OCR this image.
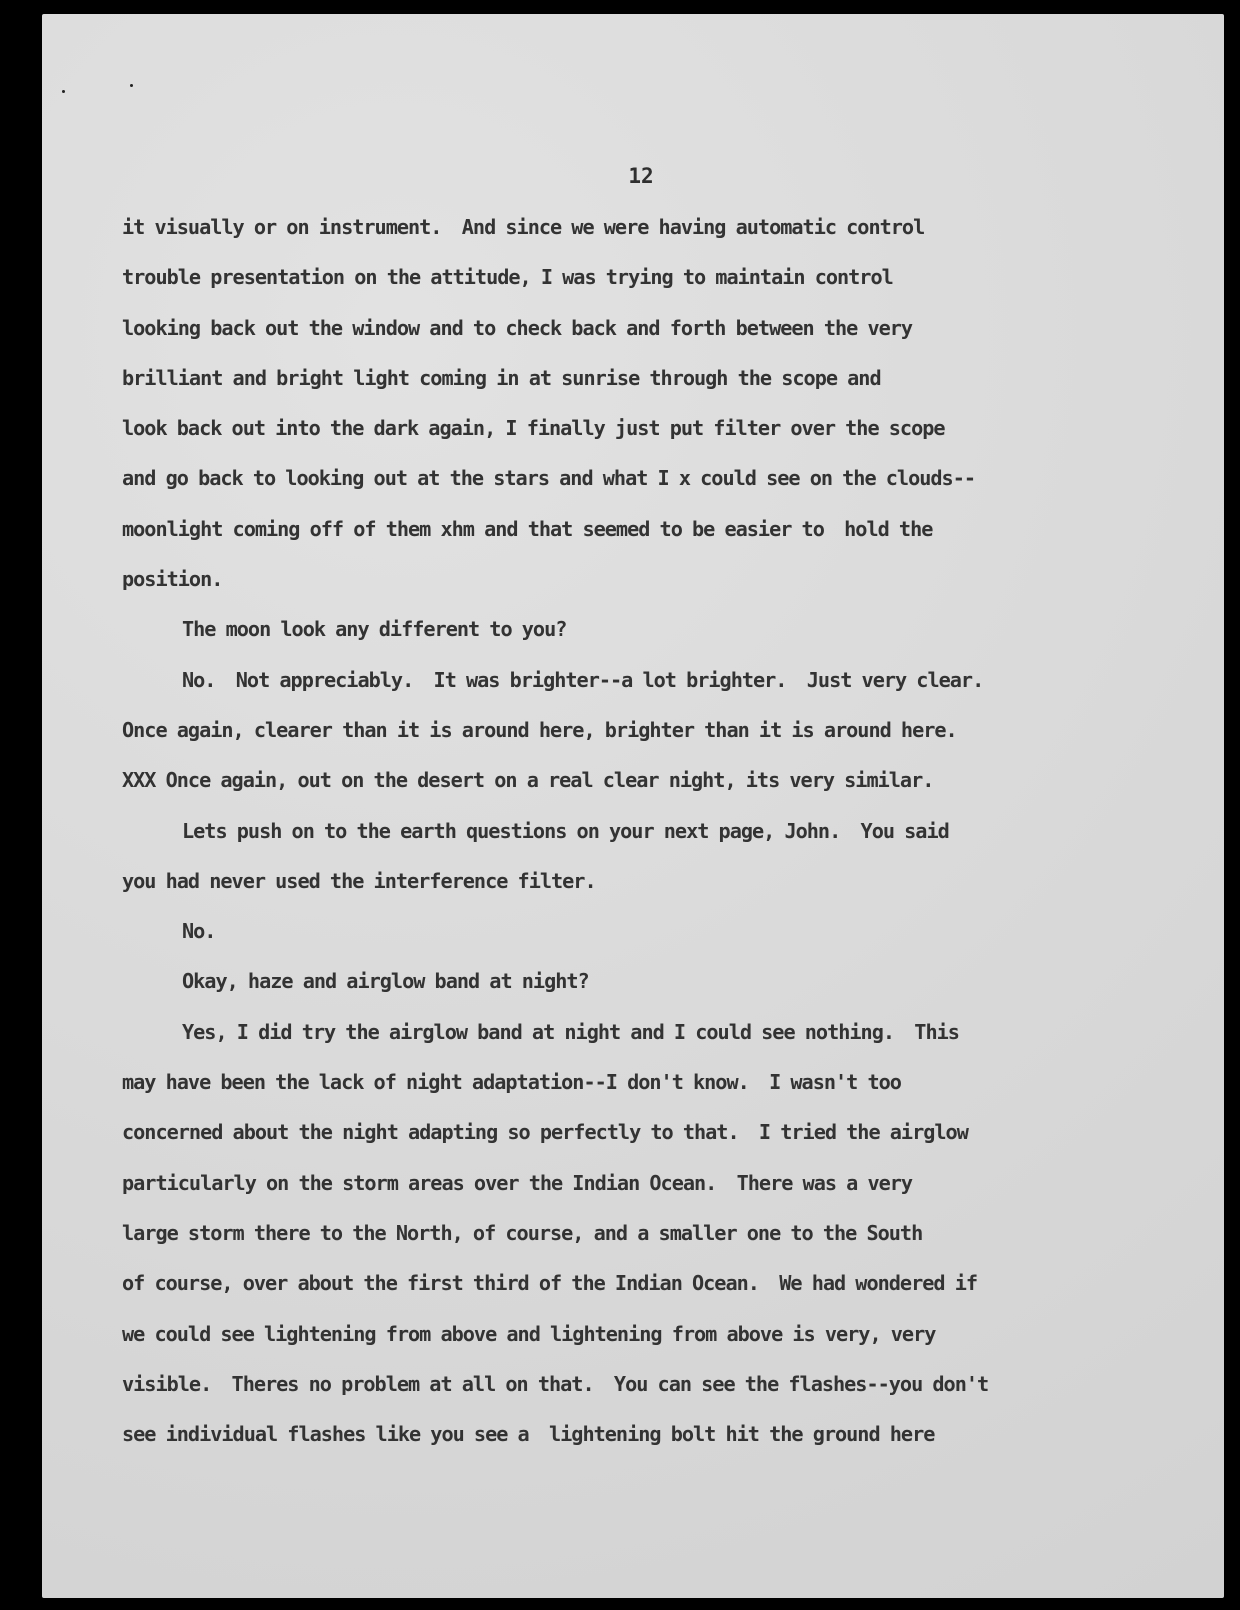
12
it visually or on instrument.  And since we were having automatic control
trouble presentation on the attitude, I was trying to maintain control
looking back out the window and to check back and forth between the very
brilliant and bright light coming in at sunrise through the scope and
look back out into the dark again, I finally just put filter over the scope
and go back to looking out at the stars and what I x could see on the clouds--
moonlight coming off of them xhm and that seemed to be easier to  hold the
position.
The moon look any different to you?
No.  Not appreciably.  It was brighter--a lot brighter.  Just very clear.
Once again, clearer than it is around here, brighter than it is around here.
XXX Once again, out on the desert on a real clear night, its very similar.
Lets push on to the earth questions on your next page, John.  You said
you had never used the interference filter.
No.
Okay, haze and airglow band at night?
Yes, I did try the airglow band at night and I could see nothing.  This
may have been the lack of night adaptation--I don't know.  I wasn't too
concerned about the night adapting so perfectly to that.  I tried the airglow
particularly on the storm areas over the Indian Ocean.  There was a very
large storm there to the North, of course, and a smaller one to the South
of course, over about the first third of the Indian Ocean.  We had wondered if
we could see lightening from above and lightening from above is very, very
visible.  Theres no problem at all on that.  You can see the flashes--you don't
see individual flashes like you see a  lightening bolt hit the ground here
